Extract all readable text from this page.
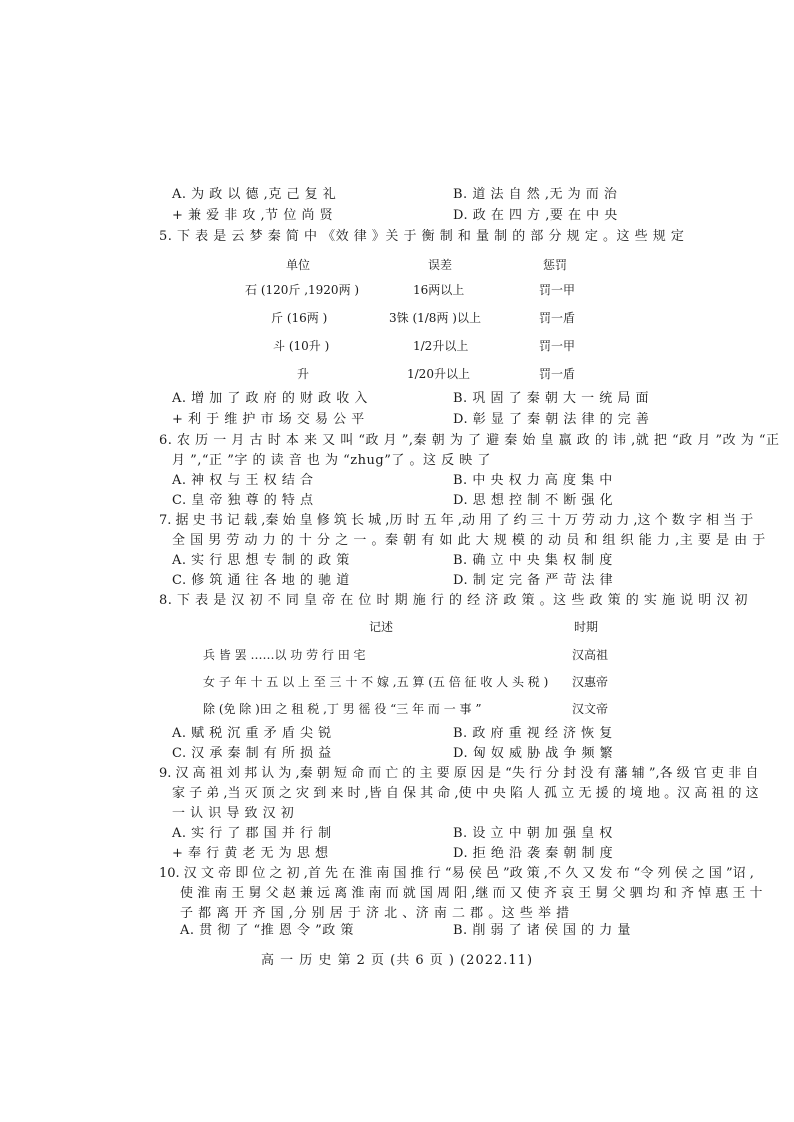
A. 为 政 以 德 ,克 己 复 礼	B. 道 法 自 然 ,无 为 而 治
+ 兼 爱 非 攻 ,节 位 尚 贤	D. 政 在 四 方 ,要 在 中 央
5. 下 表 是 云 梦 秦 简 中 《效 律 》关 于 衡 制 和 量 制 的 部 分 规 定 。这 些 规 定
单位	误差	惩罚
石 (120斤 ,1920两 )	16两以上	罚一甲
斤 (16两 )	3铢 (1/8两 )以上	罚一盾
斗 (10升 )	1/2升以上	罚一甲
升	1/20升以上	罚一盾
A. 增 加 了 政 府 的 财 政 收 入	B. 巩 固 了 秦 朝 大 一 统 局 面
+ 利 于 维 护 市 场 交 易 公 平	D. 彰 显 了 秦 朝 法 律 的 完 善
6. 农 历 一 月 古 时 本 来 又 叫 “政 月 ”,秦 朝 为 了 避 秦 始 皇 嬴 政 的 讳 ,就 把 “政 月 ”改 为 “正
月 ”,“正 ”字 的 读 音 也 为 “zhug”了 。这 反 映 了
A. 神 权 与 王 权 结 合	B. 中 央 权 力 高 度 集 中
C. 皇 帝 独 尊 的 特 点	D. 思 想 控 制 不 断 强 化
7. 据 史 书 记 载 ,秦 始 皇 修 筑 长 城 ,历 时 五 年 ,动 用 了 约 三 十 万 劳 动 力 ,这 个 数 字 相 当 于
全 国 男 劳 动 力 的 十 分 之 一 。秦 朝 有 如 此 大 规 模 的 动 员 和 组 织 能 力 ,主 要 是 由 于
A. 实 行 思 想 专 制 的 政 策	B. 确 立 中 央 集 权 制 度
C. 修 筑 通 往 各 地 的 驰 道	D. 制 定 完 备 严 苛 法 律
8. 下 表 是 汉 初 不 同 皇 帝 在 位 时 期 施 行 的 经 济 政 策 。这 些 政 策 的 实 施 说 明 汉 初
记述	时期
兵 皆 罢 ……以 功 劳 行 田 宅	汉高祖
女 子 年 十 五 以 上 至 三 十 不 嫁 ,五 算 (五 倍 征 收 人 头 税 ) 汉惠帝
除 (免 除 )田 之 租 税 ,丁 男 徭 役 “三 年 而 一 事 ”	汉文帝
A. 赋 税 沉 重 矛 盾 尖 锐	B. 政 府 重 视 经 济 恢 复
C. 汉 承 秦 制 有 所 损 益	D. 匈 奴 威 胁 战 争 频 繁
9. 汉 高 祖 刘 邦 认 为 ,秦 朝 短 命 而 亡 的 主 要 原 因 是 “失 行 分 封 没 有 藩 辅 ”,各 级 官 吏 非 自
家 子 弟 ,当 灭 顶 之 灾 到 来 时 ,皆 自 保 其 命 ,使 中 央 陷 人 孤 立 无 援 的 境 地 。汉 高 祖 的 这
一 认 识 导 致 汉 初
A. 实 行 了 郡 国 并 行 制	B. 设 立 中 朝 加 强 皇 权
+ 奉 行 黄 老 无 为 思 想	D. 拒 绝 沿 袭 秦 朝 制 度
10. 汉 文 帝 即 位 之 初 ,首 先 在 淮 南 国 推 行 “易 侯 邑 ”政 策 ,不 久 又 发 布 “令 列 侯 之 国 ”诏 ,
使 淮 南 王 舅 父 赵 兼 远 离 淮 南 而 就 国 周 阳 ,继 而 又 使 齐 哀 王 舅 父 驷 均 和 齐 悼 惠 王 十
子 都 离 开 齐 国 ,分 别 居 于 济 北 、济 南 二 郡 。这 些 举 措
A. 贯 彻 了 “推 恩 令 ”政 策	B. 削 弱 了 诸 侯 国 的 力 量
高 一 历 史 第 2 页 (共 6 页 ) (2022.11)
